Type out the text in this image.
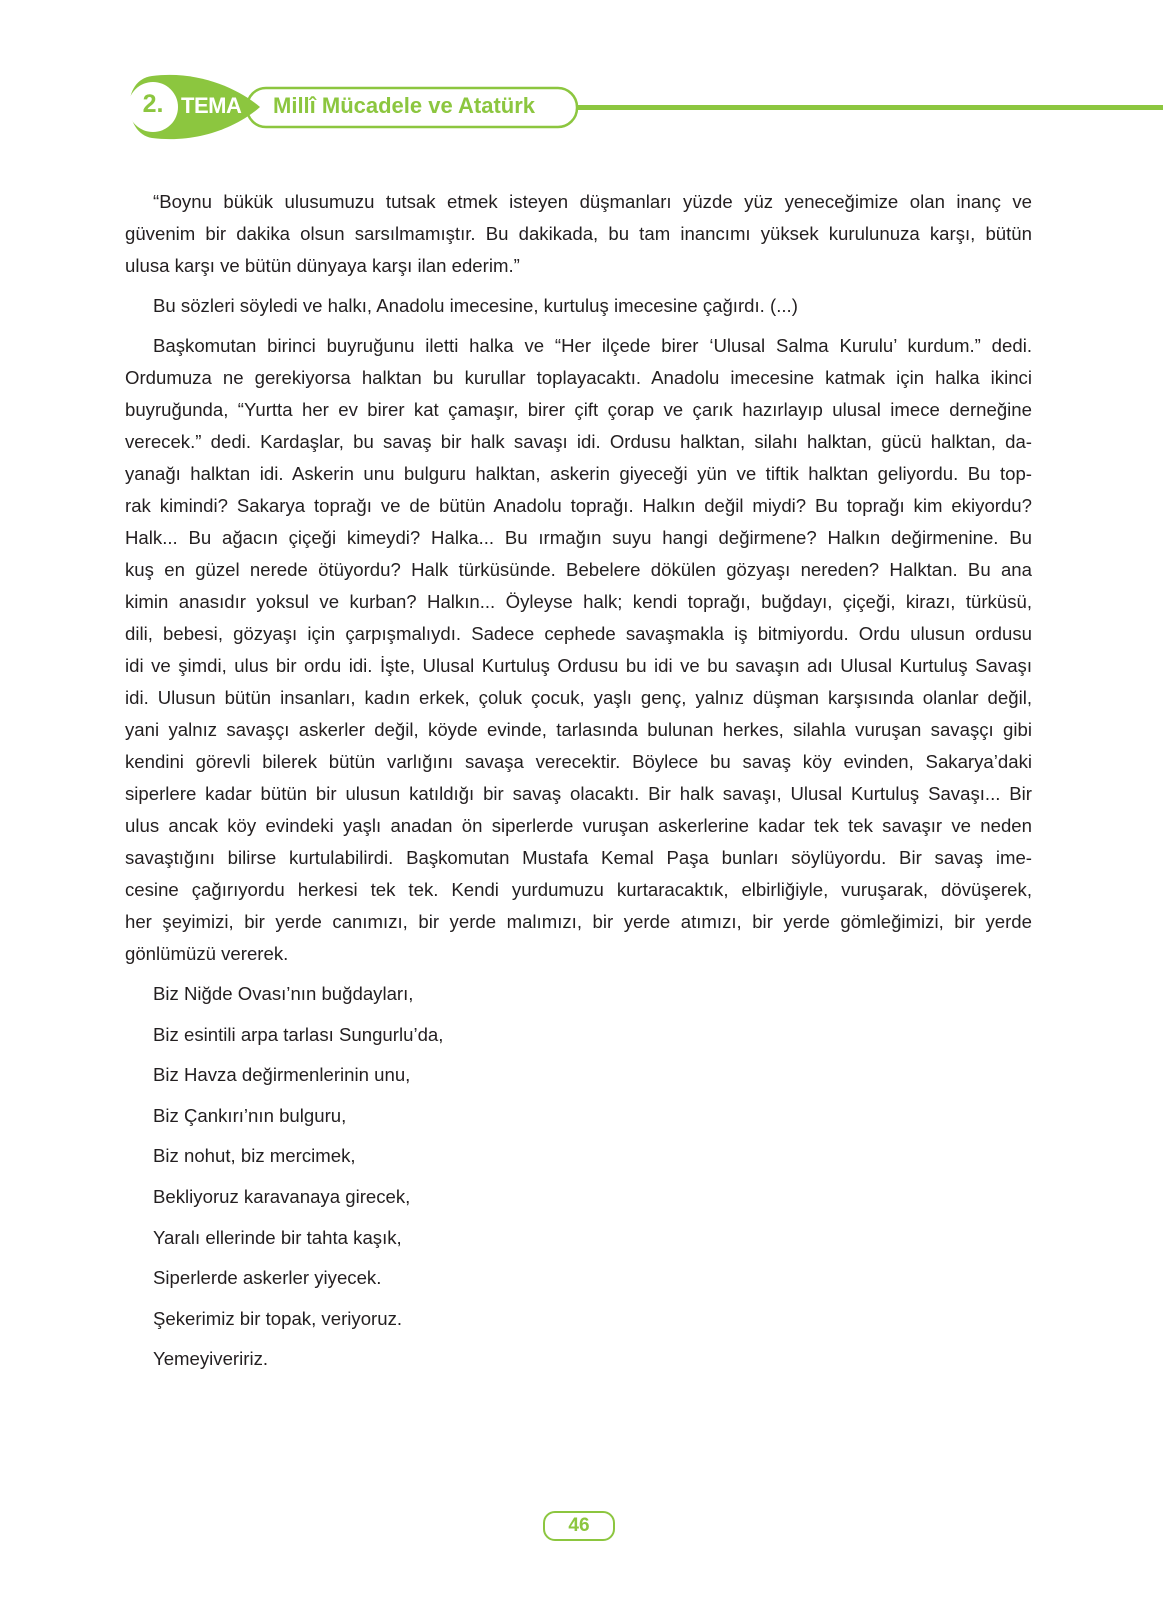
2. TEMA Millî Mücadele ve Atatürk
“Boynu bükük ulusumuzu tutsak etmek isteyen düşmanları yüzde yüz yeneceğimize olan inanç ve
güvenim bir dakika olsun sarsılmamıştır. Bu dakikada, bu tam inancımı yüksek kurulunuza karşı, bütün
ulusa karşı ve bütün dünyaya karşı ilan ederim.”
Bu sözleri söyledi ve halkı, Anadolu imecesine, kurtuluş imecesine çağırdı. (...)
Başkomutan birinci buyruğunu iletti halka ve “Her ilçede birer ‘Ulusal Salma Kurulu’ kurdum.” dedi.
Ordumuza ne gerekiyorsa halktan bu kurullar toplayacaktı. Anadolu imecesine katmak için halka ikinci
buyruğunda, “Yurtta her ev birer kat çamaşır, birer çift çorap ve çarık hazırlayıp ulusal imece derneğine
verecek.” dedi. Kardaşlar, bu savaş bir halk savaşı idi. Ordusu halktan, silahı halktan, gücü halktan, da-
yanağı halktan idi. Askerin unu bulguru halktan, askerin giyeceği yün ve tiftik halktan geliyordu. Bu top-
rak kimindi? Sakarya toprağı ve de bütün Anadolu toprağı. Halkın değil miydi? Bu toprağı kim ekiyordu?
Halk... Bu ağacın çiçeği kimeydi? Halka... Bu ırmağın suyu hangi değirmene? Halkın değirmenine. Bu
kuş en güzel nerede ötüyordu? Halk türküsünde. Bebelere dökülen gözyaşı nereden? Halktan. Bu ana
kimin anasıdır yoksul ve kurban? Halkın... Öyleyse halk; kendi toprağı, buğdayı, çiçeği, kirazı, türküsü,
dili, bebesi, gözyaşı için çarpışmalıydı. Sadece cephede savaşmakla iş bitmiyordu. Ordu ulusun ordusu
idi ve şimdi, ulus bir ordu idi. İşte, Ulusal Kurtuluş Ordusu bu idi ve bu savaşın adı Ulusal Kurtuluş Savaşı
idi. Ulusun bütün insanları, kadın erkek, çoluk çocuk, yaşlı genç, yalnız düşman karşısında olanlar değil,
yani yalnız savaşçı askerler değil, köyde evinde, tarlasında bulunan herkes, silahla vuruşan savaşçı gibi
kendini görevli bilerek bütün varlığını savaşa verecektir. Böylece bu savaş köy evinden, Sakarya’daki
siperlere kadar bütün bir ulusun katıldığı bir savaş olacaktı. Bir halk savaşı, Ulusal Kurtuluş Savaşı... Bir
ulus ancak köy evindeki yaşlı anadan ön siperlerde vuruşan askerlerine kadar tek tek savaşır ve neden
savaştığını bilirse kurtulabilirdi. Başkomutan Mustafa Kemal Paşa bunları söylüyordu. Bir savaş ime-
cesine çağırıyordu herkesi tek tek. Kendi yurdumuzu kurtaracaktık, elbirliğiyle, vuruşarak, dövüşerek,
her şeyimizi, bir yerde canımızı, bir yerde malımızı, bir yerde atımızı, bir yerde gömleğimizi, bir yerde
gönlümüzü vererek.
Biz Niğde Ovası’nın buğdayları,
Biz esintili arpa tarlası Sungurlu’da,
Biz Havza değirmenlerinin unu,
Biz Çankırı’nın bulguru,
Biz nohut, biz mercimek,
Bekliyoruz karavanaya girecek,
Yaralı ellerinde bir tahta kaşık,
Siperlerde askerler yiyecek.
Şekerimiz bir topak, veriyoruz.
Yemeyiveririz.
46
